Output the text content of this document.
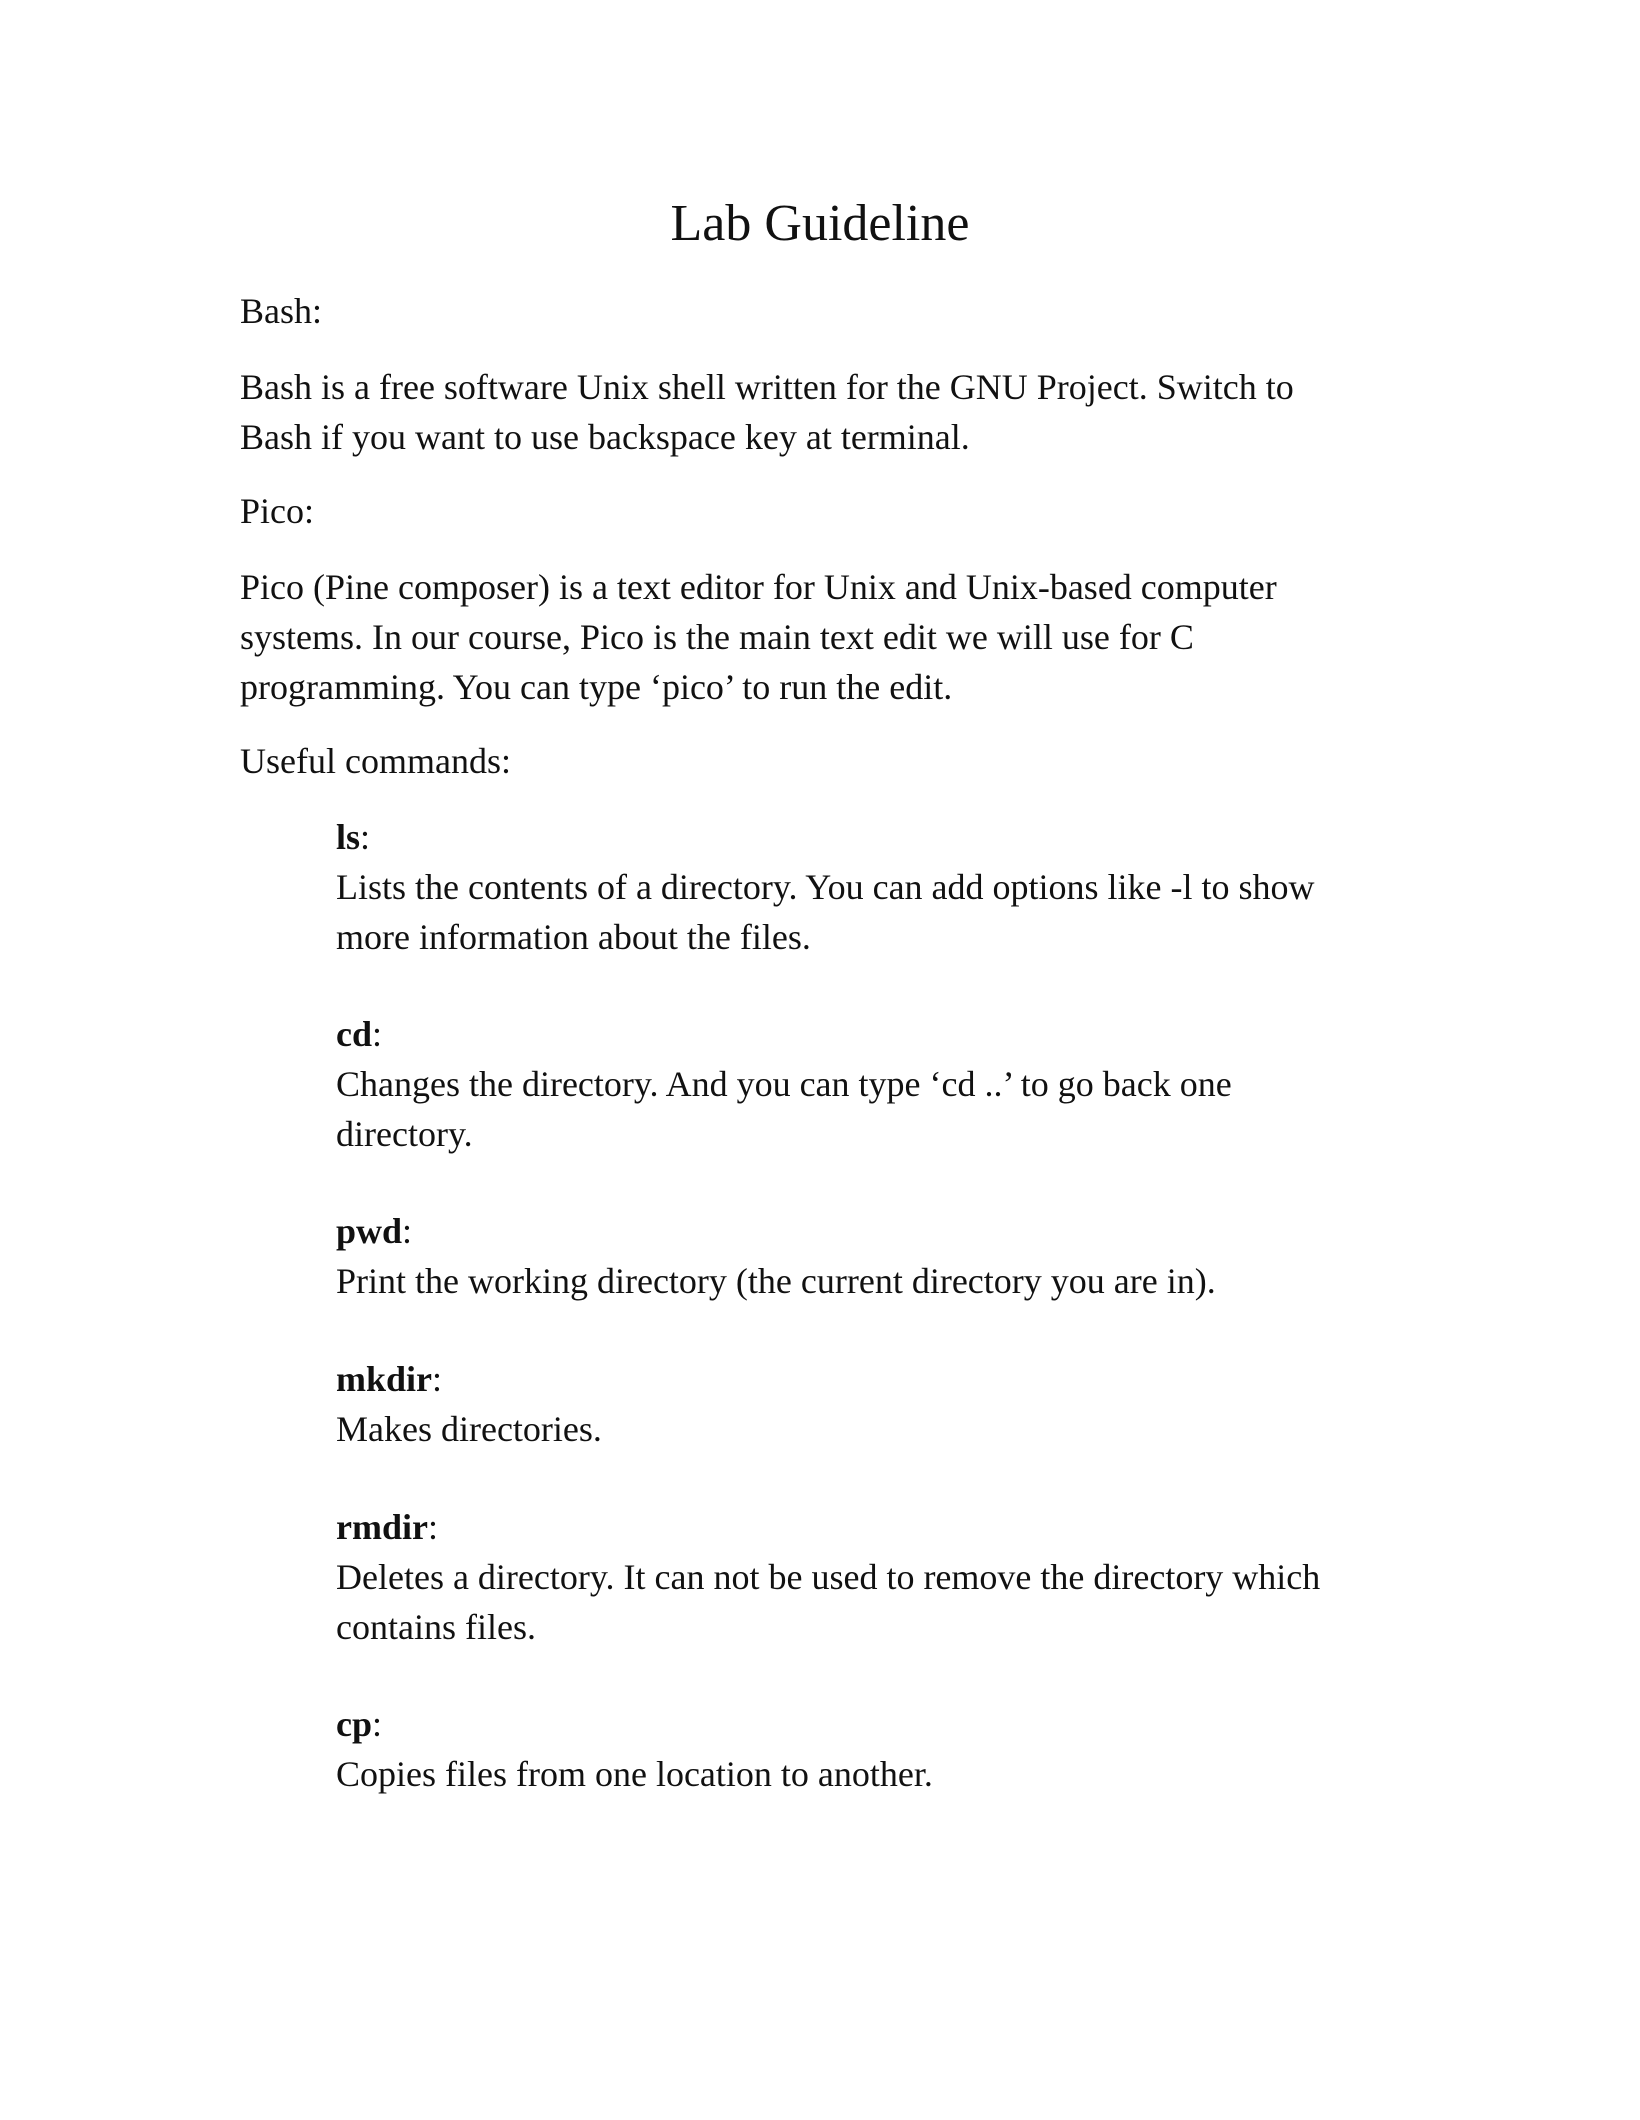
Lab Guideline

Bash:

Bash is a free software Unix shell written for the GNU Project. Switch to
Bash if you want to use backspace key at terminal.

Pico:

Pico (Pine composer) is a text editor for Unix and Unix-based computer
systems. In our course, Pico is the main text edit we will use for C
programming. You can type ‘pico’ to run the edit.

Useful commands:

ls:
Lists the contents of a directory. You can add options like -l to show
more information about the files.
cd:
Changes the directory. And you can type ‘cd ..’ to go back one
directory.
pwd:
Print the working directory (the current directory you are in).
mkdir:
Makes directories.
rmdir:
Deletes a directory. It can not be used to remove the directory which
contains files.
cp:
Copies files from one location to another.
